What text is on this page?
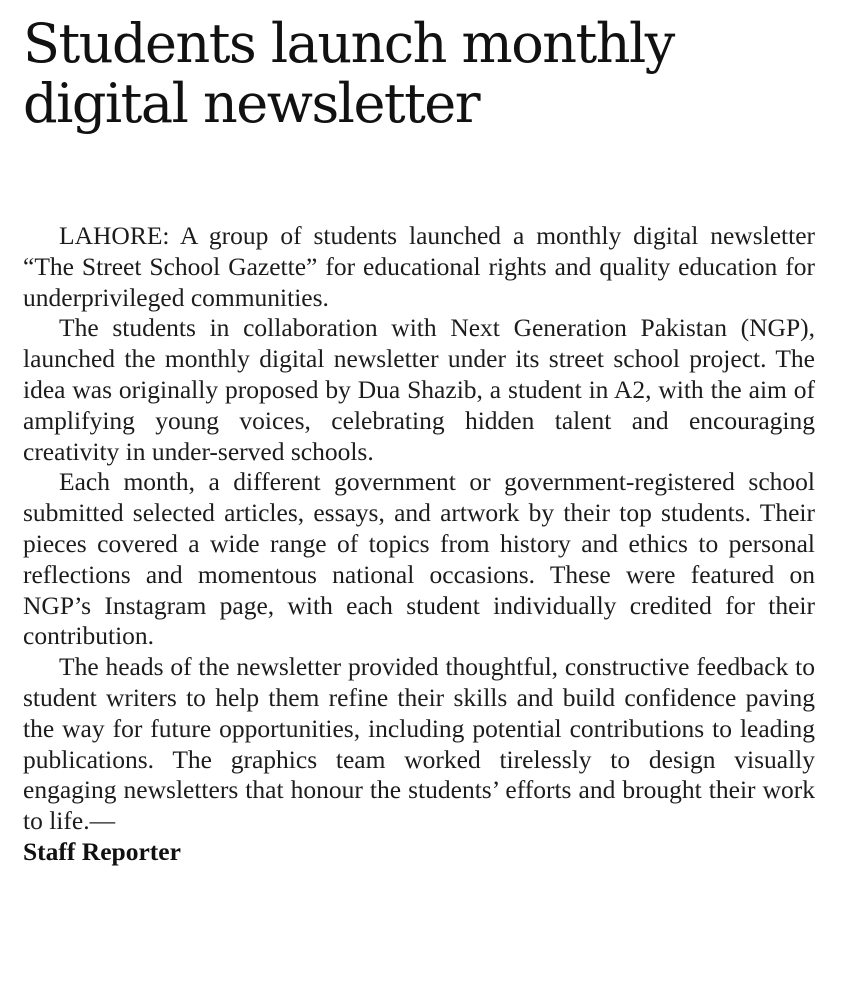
Students launch monthly digital newsletter

LAHORE: A group of students launched a monthly digital newsletter “The Street School Gazette” for educational rights and quality education for underprivileged communities.

The students in collaboration with Next Generation Pakistan (NGP), launched the monthly digital newsletter under its street school project. The idea was originally proposed by Dua Shazib, a student in A2, with the aim of amplifying young voices, celebrating hidden talent and encouraging creativity in under-served schools.

Each month, a different government or government-registered school submitted selected articles, essays, and artwork by their top students. Their pieces covered a wide range of topics from history and ethics to personal reflections and momentous national occasions. These were featured on NGP’s Instagram page, with each student individually credited for their contribution.

The heads of the newsletter provided thoughtful, constructive feedback to student writers to help them refine their skills and build confidence paving the way for future opportunities, including potential contributions to leading publications. The graphics team worked tirelessly to design visually engaging newsletters that honour the students’ efforts and brought their work to life.—

Staff Reporter
